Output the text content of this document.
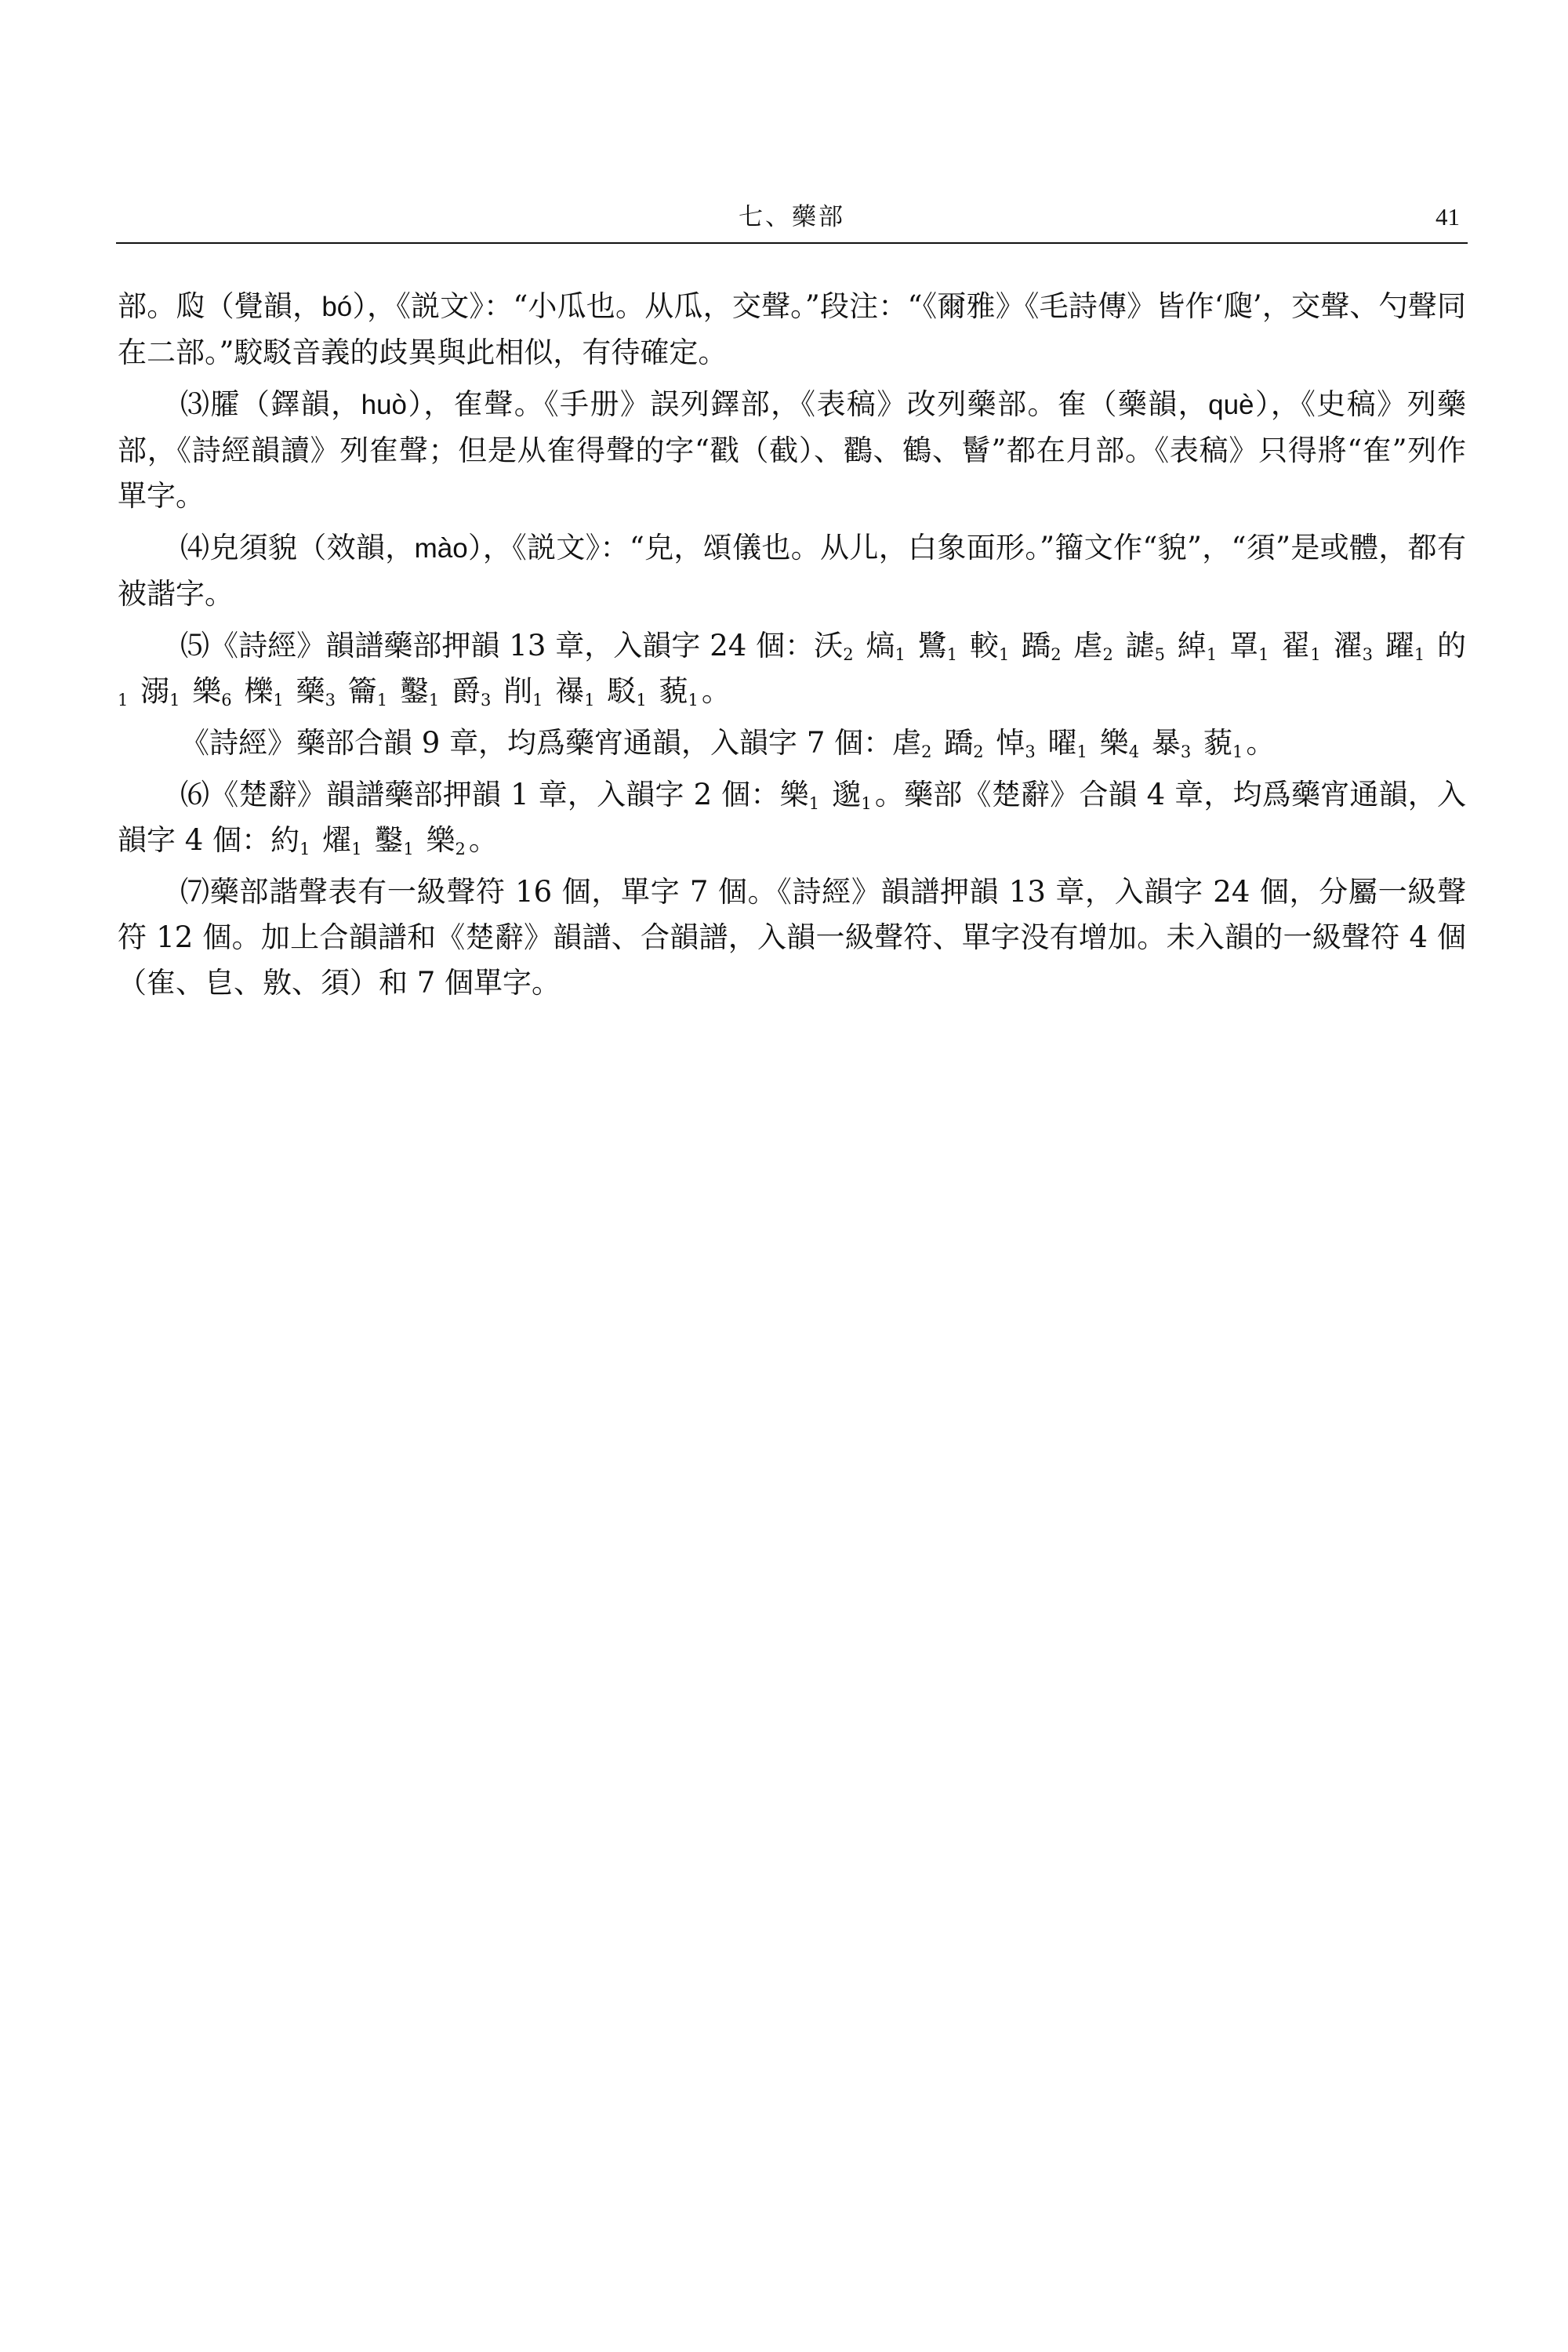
七、藥部	41

部。瓝（覺韻，bó），《説文》：“小瓜也。从瓜，交聲。”段注：“《爾雅》《毛詩傳》皆作‘瓟’，交聲、勺聲同在二部。”駮駁音義的歧異與此相似，有待確定。

⑶臛（鐸韻，huò），隺聲。《手册》誤列鐸部，《表稿》改列藥部。隺（藥韻，què），《史稿》列藥部，《詩經韻讀》列隺聲；但是从隺得聲的字“戳（截）、鸐、鶴、鬙”都在月部。《表稿》只得將“隺”列作單字。

⑷皃須貌（效韻，mào），《説文》：“皃，頌儀也。从儿，白象面形。”籀文作“貌”，“須”是或體，都有被諧字。

⑸《詩經》韻譜藥部押韻 13 章，入韻字 24 個：沃$_2$ 熇$_1$ 鷺$_1$ 較$_1$ 蹻$_2$ 虐$_2$ 謔$_5$ 綽$_1$ 罩$_1$ 翟$_1$ 濯$_3$ 躍$_1$ 的$_1$ 溺$_1$ 樂$_6$ 櫟$_1$ 藥$_3$ 籥$_1$ 鑿$_1$ 爵$_3$ 削$_1$ 襮$_1$ 駁$_1$ 藐$_1$ 。

《詩經》藥部合韻 9 章，均爲藥宵通韻，入韻字 7 個：虐$_2$ 蹻$_2$ 悼$_3$ 曜$_1$ 樂$_4$ 暴$_3$ 藐$_1$ 。

⑹《楚辭》韻譜藥部押韻 1 章，入韻字 2 個：樂$_1$ 邈$_1$ 。藥部《楚辭》合韻 4 章，均爲藥宵通韻，入韻字 4 個：約$_1$ 燿$_1$ 鑿$_1$ 樂$_2$ 。

⑺藥部諧聲表有一級聲符 16 個，單字 7 個。《詩經》韻譜押韻 13 章，入韻字 24 個，分屬一級聲符 12 個。加上合韻譜和《楚辭》韻譜、合韻譜，入韻一級聲符、單字没有增加。未入韻的一級聲符 4 個（隺、皀、敫、須）和 7 個單字。
